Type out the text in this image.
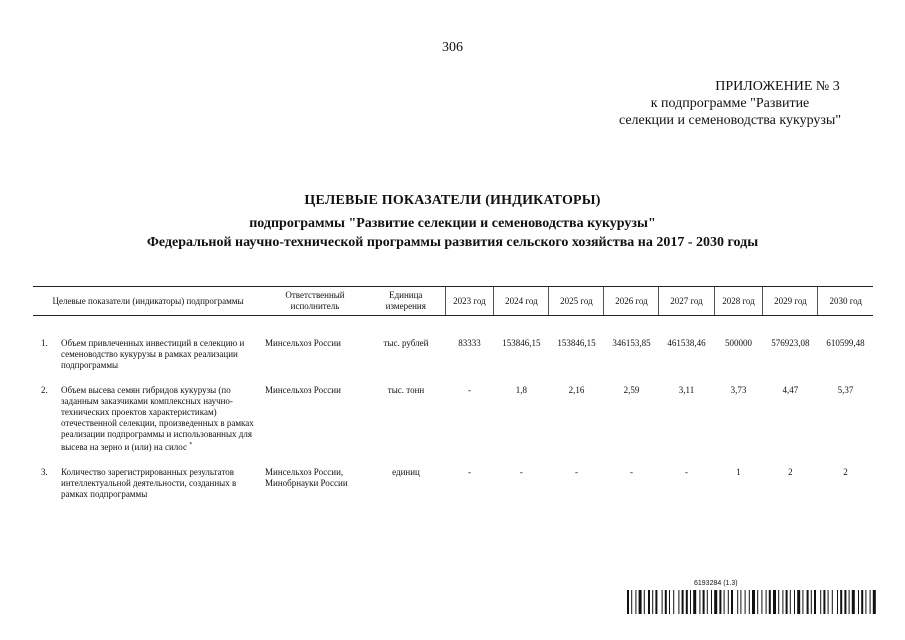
306
ПРИЛОЖЕНИЕ № 3
к подпрограмме "Развитие
селекции и семеноводства кукурузы"
ЦЕЛЕВЫЕ ПОКАЗАТЕЛИ (ИНДИКАТОРЫ)
подпрограммы "Развитие селекции и семеноводства кукурузы"
Федеральной научно-технической программы развития сельского хозяйства на 2017 - 2030 годы
Целевые показатели (индикаторы) подпрограммы		Ответственный исполнитель	Единица измерения	2023 год	2024 год	2025 год	2026 год	2027 год	2028 год	2029 год	2030 год

1.	Объем привлеченных инвестиций в селекцию и семеноводство кукурузы в рамках реализации подпрограммы	Минсельхоз России	тыс. рублей	83333	153846,15	153846,15	346153,85	461538,46	500000	576923,08	610599,48

2.	Объем высева семян гибридов кукурузы (по заданным заказчиками комплексных научно-технических проектов характеристикам) отечественной селекции, произведенных в рамках реализации подпрограммы и использованных для высева на зерно и (или) на силос *	Минсельхоз России	тыс. тонн	-	1,8	2,16	2,59	3,11	3,73	4,47	5,37

3.	Количество зарегистрированных результатов интеллектуальной деятельности, созданных в рамках подпрограммы	Минсельхоз России, Минобрнауки России	единиц	-	-	-	-	-	1	2	2
6193284 (1.3)
